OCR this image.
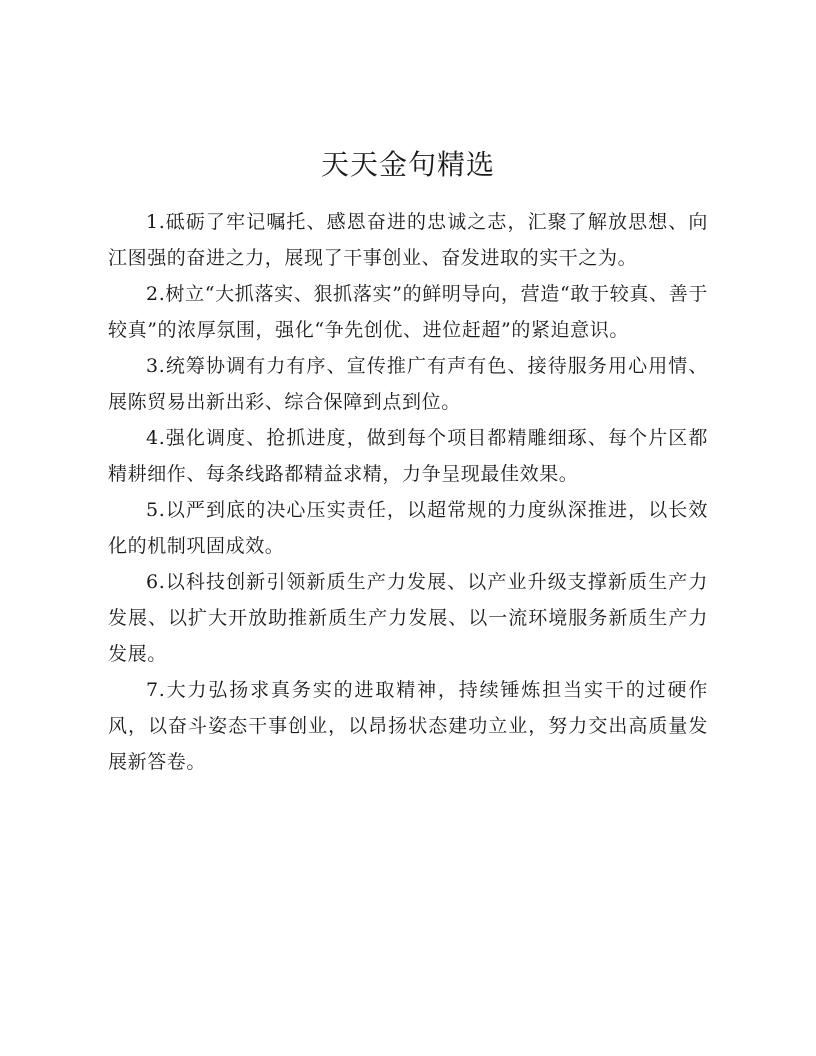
天天金句精选

1.砥砺了牢记嘱托、感恩奋进的忠诚之志，汇聚了解放思想、向江图强的奋进之力，展现了干事创业、奋发进取的实干之为。

2.树立“大抓落实、狠抓落实”的鲜明导向，营造“敢于较真、善于较真”的浓厚氛围，强化“争先创优、进位赶超”的紧迫意识。

3.统筹协调有力有序、宣传推广有声有色、接待服务用心用情、展陈贸易出新出彩、综合保障到点到位。

4.强化调度、抢抓进度，做到每个项目都精雕细琢、每个片区都精耕细作、每条线路都精益求精，力争呈现最佳效果。

5.以严到底的决心压实责任，以超常规的力度纵深推进，以长效化的机制巩固成效。

6.以科技创新引领新质生产力发展、以产业升级支撑新质生产力发展、以扩大开放助推新质生产力发展、以一流环境服务新质生产力发展。

7.大力弘扬求真务实的进取精神，持续锤炼担当实干的过硬作风，以奋斗姿态干事创业，以昂扬状态建功立业，努力交出高质量发展新答卷。
